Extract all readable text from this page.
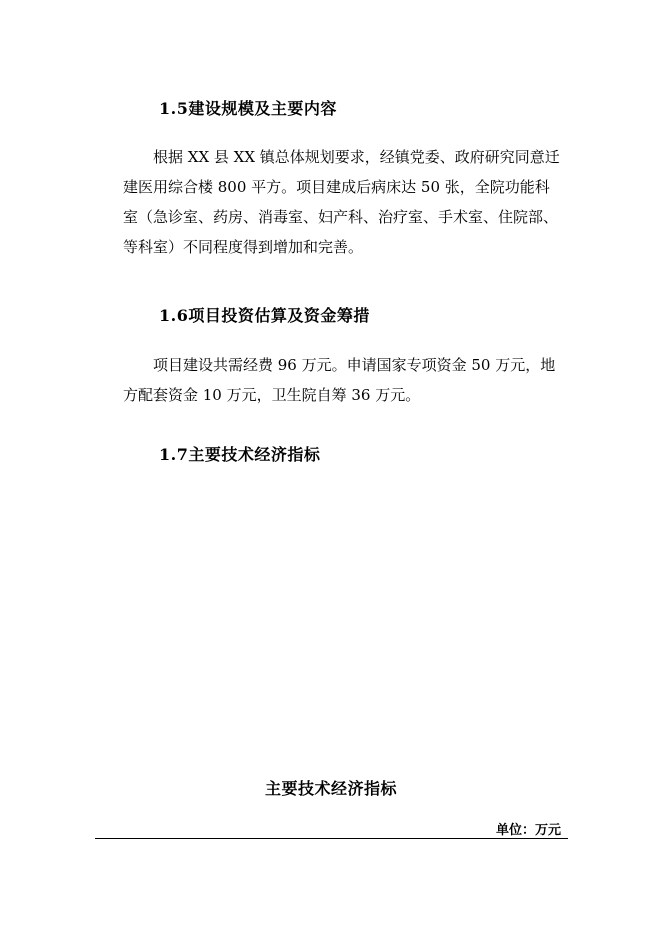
1.5建设规模及主要内容
根据 XX 县 XX 镇总体规划要求，经镇党委、政府研究同意迁
建医用综合楼 800 平方。项目建成后病床达 50 张，全院功能科
室（急诊室、药房、消毒室、妇产科、治疗室、手术室、住院部、
等科室）不同程度得到增加和完善。
1.6项目投资估算及资金筹措
项目建设共需经费 96 万元。申请国家专项资金 50 万元，地
方配套资金 10 万元，卫生院自筹 36 万元。
1.7主要技术经济指标
主要技术经济指标
单位：万元
